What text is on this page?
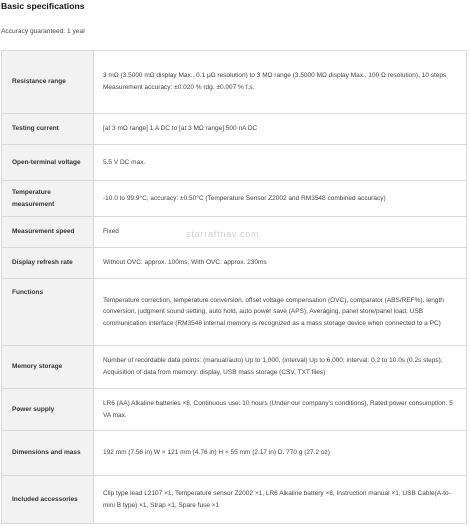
Basic specifications
Accuracy guaranteed: 1 year
Resistance range	3 mΩ (3.5000 mΩ display Max., 0.1 μΩ resolution) to 3 MΩ range (3.5000 MΩ display Max., 100 Ω resolution), 10 steps
Measurement accuracy: ±0.020 % rdg. ±0.007 % f.s.
Testing current	[at 3 mΩ range] 1 A DC to [at 3 MΩ range] 500 nA DC
Open-terminal voltage	5.5 V DC max.
Temperature measurement	-10.0 to 99.9°C, accuracy: ±0.50°C (Temperature Sensor Z2002 and RM3548 combined accuracy)
Measurement speed	Fixed
Display refresh rate	Without OVC: approx. 100ms, With OVC: approx. 230ms
Functions	Temperature correction, temperature conversion, offset voltage compensation (OVC), comparator (ABS/REF%), length conversion, judgment sound setting, auto hold, auto power save (APS), Averaging, panel store/panel load, USB communication interface (RM3548 internal memory is recognized as a mass storage device when connected to a PC)
Memory storage	Number of recordable data points: (manual/auto) Up to 1,000, (interval) Up to 6,000; interval: 0.2 to 10.0s (0.2s steps); Acquisition of data from memory: display, USB mass storage (CSV, TXT files)
Power supply	LR6 (AA) Alkaline batteries ×8, Continuous use: 10 hours (Under our company's conditions), Rated power consumption: 5 VA max.
Dimensions and mass	192 mm (7.56 in) W × 121 mm (4.76 in) H × 55 mm (2.17 in) D, 770 g (27.2 oz)
Included accessories	Clip type lead L2107 ×1, Temperature sensor Z2002 ×1, LR6 Alkaline battery ×8, Instruction manual ×1, USB Cable(A-to-mini B type) ×1, Strap ×1, Spare fuse ×1
starraftnav.com
